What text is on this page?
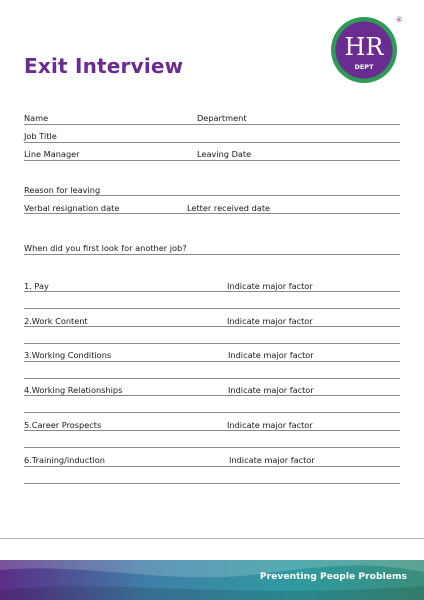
Exit Interview
HR
DEPT
®
Name	Department
Job Title
Line Manager	Leaving Date
Reason for leaving
Verbal resignation date	Letter received date
When did you first look for another job?
1. Pay	Indicate major factor
2.Work Content	Indicate major factor
3.Working Conditions	Indicate major factor
4.Working Relationships	Indicate major factor
5.Career Prospects	Indicate major factor
6.Training/induction	Indicate major factor
Preventing People Problems
